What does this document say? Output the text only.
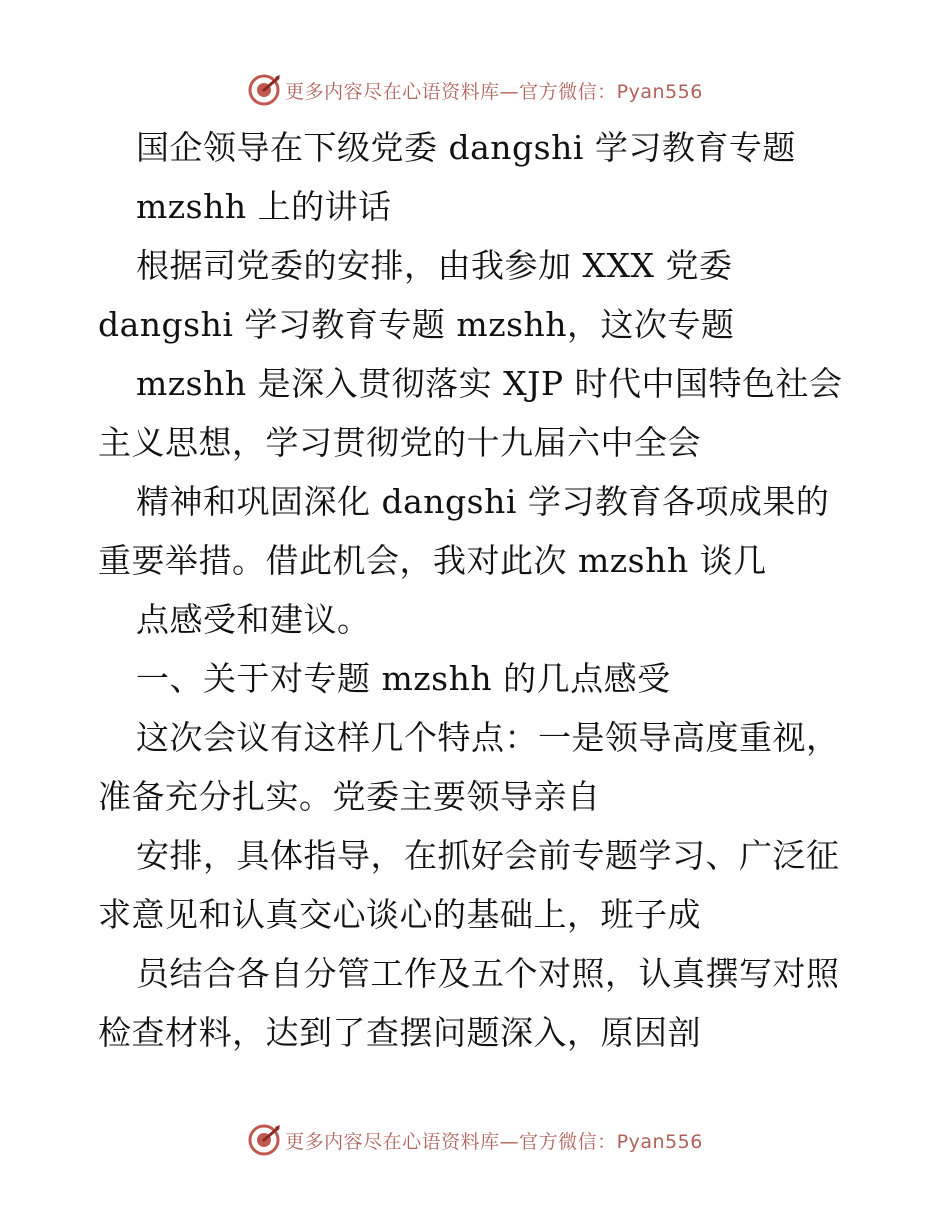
更多内容尽在心语资料库—官方微信：Pyan556
国企领导在下级党委 dangshi 学习教育专题
mzshh 上的讲话
根据司党委的安排，由我参加 XXX 党委
dangshi 学习教育专题 mzshh，这次专题
mzshh 是深入贯彻落实 XJP 时代中国特色社会
主义思想，学习贯彻党的十九届六中全会
精神和巩固深化 dangshi 学习教育各项成果的
重要举措。借此机会，我对此次 mzshh 谈几
点感受和建议。
一、关于对专题 mzshh 的几点感受
这次会议有这样几个特点：一是领导高度重视，
准备充分扎实。党委主要领导亲自
安排，具体指导，在抓好会前专题学习、广泛征
求意见和认真交心谈心的基础上，班子成
员结合各自分管工作及五个对照，认真撰写对照
检查材料，达到了查摆问题深入，原因剖
更多内容尽在心语资料库—官方微信：Pyan556
